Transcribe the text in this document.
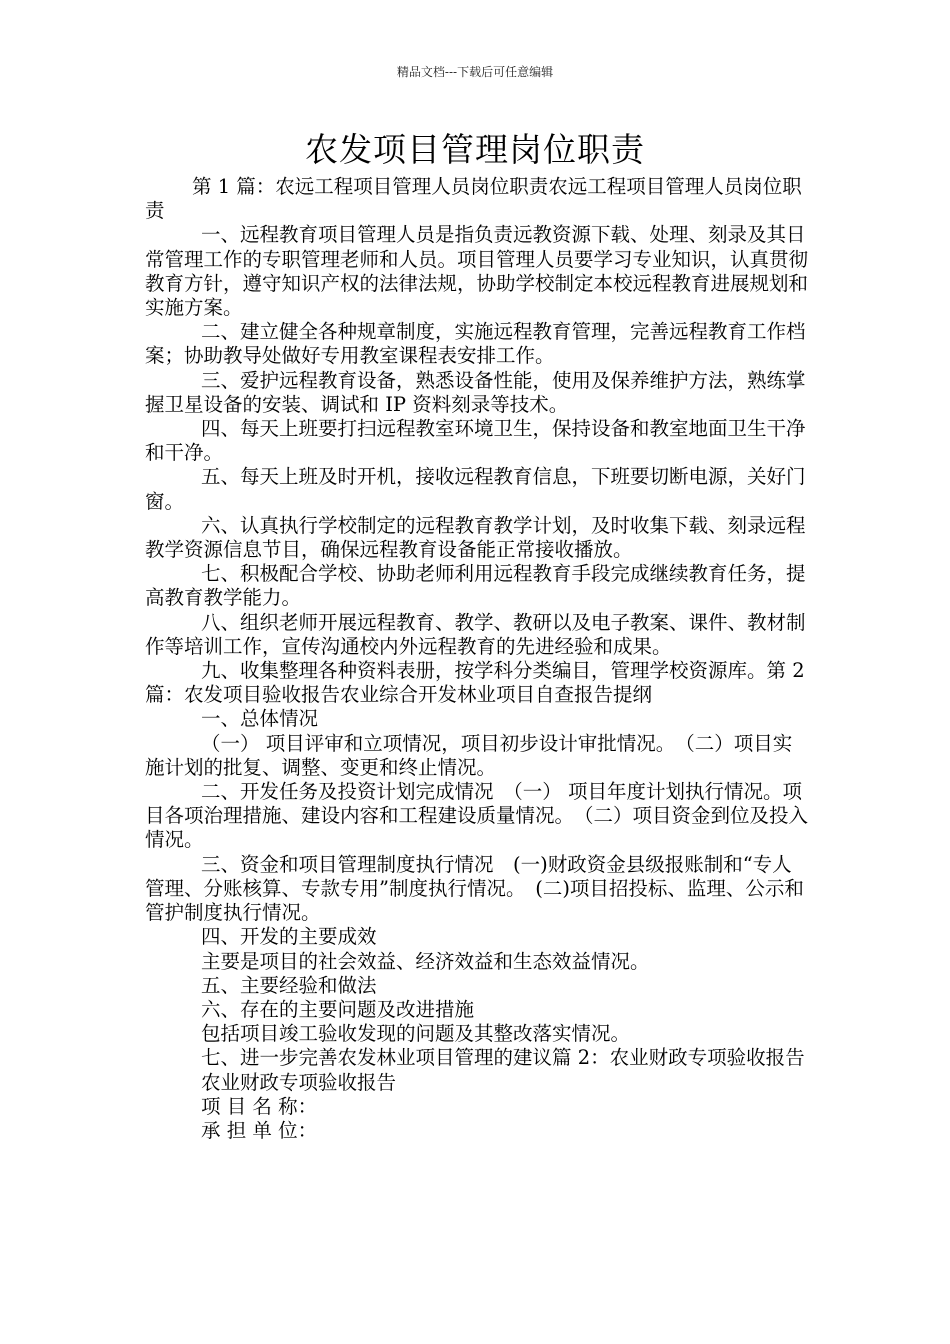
精品文档---下载后可任意编辑
农发项目管理岗位职责

第 1 篇：农远工程项目管理人员岗位职责农远工程项目管理人员岗位职责

一、远程教育项目管理人员是指负责远教资源下载、处理、刻录及其日常管理工作的专职管理老师和人员。项目管理人员要学习专业知识，认真贯彻教育方针，遵守知识产权的法律法规，协助学校制定本校远程教育进展规划和实施方案。

二、建立健全各种规章制度，实施远程教育管理，完善远程教育工作档案；协助教导处做好专用教室课程表安排工作。

三、爱护远程教育设备，熟悉设备性能，使用及保养维护方法，熟练掌握卫星设备的安装、调试和 IP 资料刻录等技术。

四、每天上班要打扫远程教室环境卫生，保持设备和教室地面卫生干净和干净。

五、每天上班及时开机，接收远程教育信息，下班要切断电源，关好门窗。

六、认真执行学校制定的远程教育教学计划，及时收集下载、刻录远程教学资源信息节目，确保远程教育设备能正常接收播放。

七、积极配合学校、协助老师利用远程教育手段完成继续教育任务，提高教育教学能力。

八、组织老师开展远程教育、教学、教研以及电子教案、课件、教材制作等培训工作，宣传沟通校内外远程教育的先进经验和成果。

九、收集整理各种资料表册，按学科分类编目，管理学校资源库。第 2 篇：农发项目验收报告农业综合开发林业项目自查报告提纲

一、总体情况

（一） 项目评审和立项情况，项目初步设计审批情况。　（二）项目实施计划的批复、调整、变更和终止情况。

二、开发任务及投资计划完成情况　（一） 项目年度计划执行情况。项目各项治理措施、建设内容和工程建设质量情况。　（二）项目资金到位及投入情况。

三、资金和项目管理制度执行情况　(一)财政资金县级报账制和“专人管理、分账核算、专款专用”制度执行情况。　(二)项目招投标、监理、公示和管护制度执行情况。

四、开发的主要成效

主要是项目的社会效益、经济效益和生态效益情况。

五、主要经验和做法

六、存在的主要问题及改进措施

包括项目竣工验收发现的问题及其整改落实情况。

七、进一步完善农发林业项目管理的建议篇 2：农业财政专项验收报告

农业财政专项验收报告

项 目 名 称：

承 担 单 位：
